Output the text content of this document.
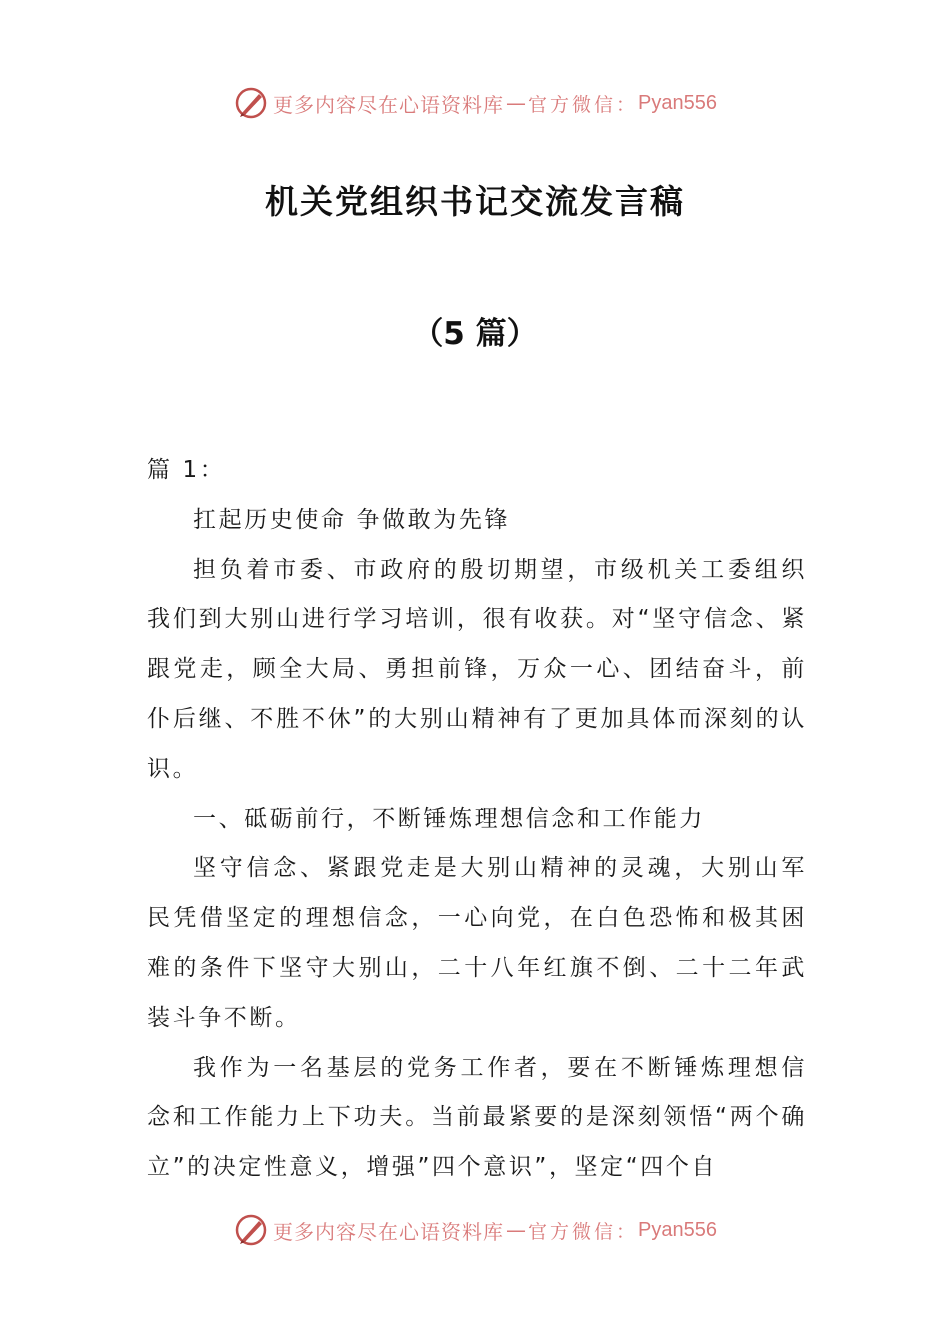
更多内容尽在心语资料库 — 官方微信： Pyan556
机关党组织书记交流发言稿
（5 篇）

篇 1：

扛起历史使命 争做敢为先锋

担负着市委、市政府的殷切期望，市级机关工委组织我们到大别山进行学习培训，很有收获。对“坚守信念、紧跟党走，顾全大局、勇担前锋，万众一心、团结奋斗，前仆后继、不胜不休”的大别山精神有了更加具体而深刻的认识。

一、砥砺前行，不断锤炼理想信念和工作能力

坚守信念、紧跟党走是大别山精神的灵魂，大别山军民凭借坚定的理想信念，一心向党，在白色恐怖和极其困难的条件下坚守大别山，二十八年红旗不倒、二十二年武装斗争不断。

我作为一名基层的党务工作者，要在不断锤炼理想信念和工作能力上下功夫。当前最紧要的是深刻领悟“两个确立”的决定性意义，增强”四个意识”，坚定“四个自

更多内容尽在心语资料库 — 官方微信： Pyan556
